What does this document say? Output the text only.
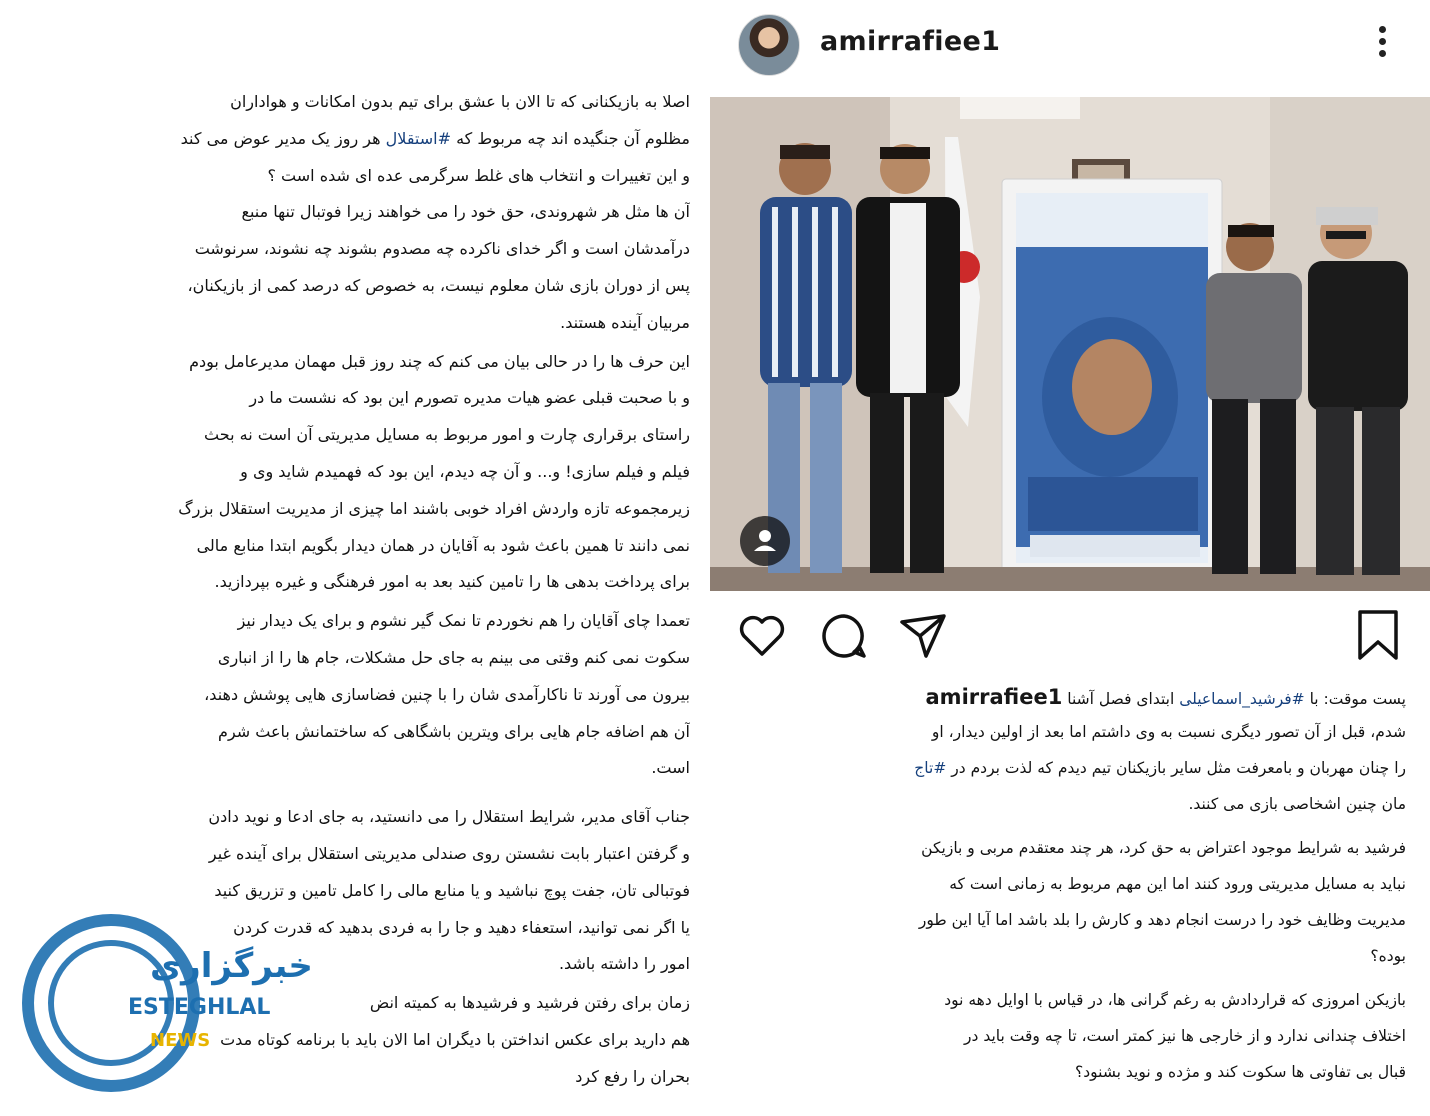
اصلا به بازیکنانی که تا الان با عشق برای تیم بدون امکانات و هواداران
مظلوم آن جنگیده اند چه مربوط که #استقلال هر روز یک مدیر عوض می کند
و این تغییرات و انتخاب های غلط سرگرمی عده ای شده است ؟
آن ها مثل هر شهروندی، حق خود را می خواهند زیرا فوتبال تنها منبع
درآمدشان است و اگر خدای ناکرده چه مصدوم بشوند چه نشوند، سرنوشت
پس از دوران بازی شان معلوم نیست، به خصوص که درصد کمی از بازیکنان،
مربیان آینده هستند.
این حرف ها را در حالی بیان می کنم که چند روز قبل مهمان مدیرعامل بودم
و با صحبت قبلی عضو هیات مدیره تصورم این بود که نشست ما در
راستای برقراری چارت و امور مربوط به مسایل مدیریتی آن است نه بحث
فیلم و فیلم سازی! و... و آن چه دیدم، این بود که فهمیدم شاید وی و
زیرمجموعه تازه واردش افراد خوبی باشند اما چیزی از مدیریت استقلال بزرگ
نمی دانند تا همین باعث شود به آقایان در همان دیدار بگویم ابتدا منابع مالی
برای پرداخت بدهی ها را تامین کنید بعد به امور فرهنگی و غیره بپردازید.
تعمدا چای آقایان را هم نخوردم تا نمک گیر نشوم و برای یک دیدار نیز
سکوت نمی کنم وقتی می بینم به جای حل مشکلات، جام ها را از انباری
بیرون می آورند تا ناکارآمدی شان را با چنین فضاسازی هایی پوشش دهند،
آن هم اضافه جام هایی برای ویترین باشگاهی که ساختمانش باعث شرم
است.
جناب آقای مدیر، شرایط استقلال را می دانستید، به جای ادعا و نوید دادن
و گرفتن اعتبار بابت نشستن روی صندلی مدیریتی استقلال برای آینده غیر
فوتبالی تان، جفت پوچ نباشید و یا منابع مالی را کامل تامین و تزریق کنید
یا اگر نمی توانید، استعفاء دهید و جا را به فردی بدهید که قدرت کردن
امور را داشته باشد.
زمان برای رفتن فرشید و فرشیدها به کمیته انض
هم دارید برای عکس انداختن با دیگران اما الان باید با برنامه کوتاه مدت
بحران را رفع کرد
خبرگزاری
ESTEGHLAL
NEWS
amirrafiee1
پست موقت: با #فرشید_اسماعیلی ابتدای فصل آشنا amirrafiee1
شدم، قبل از آن تصور دیگری نسبت به وی داشتم اما بعد از اولین دیدار، او
را چنان مهربان و بامعرفت مثل سایر بازیکنان تیم دیدم که لذت بردم در #تاج
مان چنین اشخاصی بازی می کنند.
فرشید به شرایط موجود اعتراض به حق کرد، هر چند معتقدم مربی و بازیکن
نباید به مسایل مدیریتی ورود کنند اما این مهم مربوط به زمانی است که
مدیریت وظایف خود را درست انجام دهد و کارش را بلد باشد اما آیا این طور
بوده؟
بازیکن امروزی که قراردادش به رغم گرانی ها، در قیاس با اوایل دهه نود
اختلاف چندانی ندارد و از خارجی ها نیز کمتر است، تا چه وقت باید در
قبال بی تفاوتی ها سکوت کند و مژده و نوید بشنود؟
